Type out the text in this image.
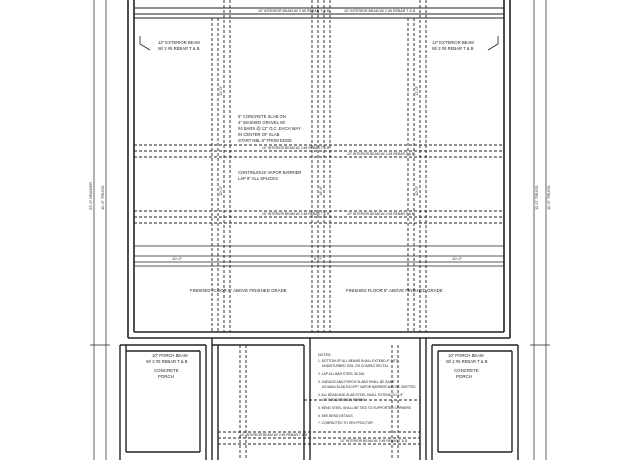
10" INTERIOR BEAM W/ 2 #5 REBAR T & B	10" INTERIOR BEAM W/ 2 #5 REBAR T & B
12" EXTERIOR BEAM
W/ 2 #5 REBAR T & B
12" EXTERIOR BEAM
W/ 2 #5 REBAR T & B
5" CONCRETE SLAB ON
4" WASHED GRAVEL W/
#4 BARS @ 12" O.C. EACH WAY
IN CENTER OF SLAB
START NBL 6" FROM EDGE
10" INTERIOR BEAM W/ 2 #5 REBAR T & B
10" INTERIOR BEAM W/ 2 #5 REBAR T & B
CONTINUOUS VAPOR BARRIER
LAP 6" ALL SPLICES
10" INTERIOR BEAM W/ 2 #5 REBAR T & B	10" INTERIOR BEAM W/ 2 #5 REBAR T & B
FINISHED FLOOR 8" ABOVE FINISHED GRADE	FINISHED FLOOR 8" ABOVE FINISHED GRADE
10" PORCH BEAM
W/ 2 #5 REBAR T & B
CONCRETE
PORCH
10" PORCH BEAM
W/ 2 #5 REBAR T & B
CONCRETE
PORCH
NOTES:
1. BOTTOM OF ALL BEAMS SHALL EXTEND 6" INTO
UNDISTURBED SOIL OR COMPACTED FILL
2. LAP ALL BAR STEEL 36 DIA.
3. GARAGE AND PORCH SLABS SHALL BE SAME
AS MAIN SLAB EXCEPT VAPOR BARRIER MAY BE OMITTED
4. ALL BEAM AND SLAB STEEL SHALL EXTEND TO 1.5"
OF THE EXTERIOR FORMS
5. BEND STEEL SHALL BE TIED TO SUPPORTED CORNERS
6. SEE BEND DETAILS
7. COMPACTED TO 95% PROCTOR
10" INTERIOR BEAM W/ 2 #5 REBAR T & B
10" INTERIOR BEAM W/ 2 #5 REBAR T & B
22'-0" HEADER 11'-0" TRUSS	11'-0" TRUSS 11'-0" TRUSS
10'-0"	16'-6"	10'-0"
12'-0"	12'-0"
10'-0"	6'-0"	10'-0"
